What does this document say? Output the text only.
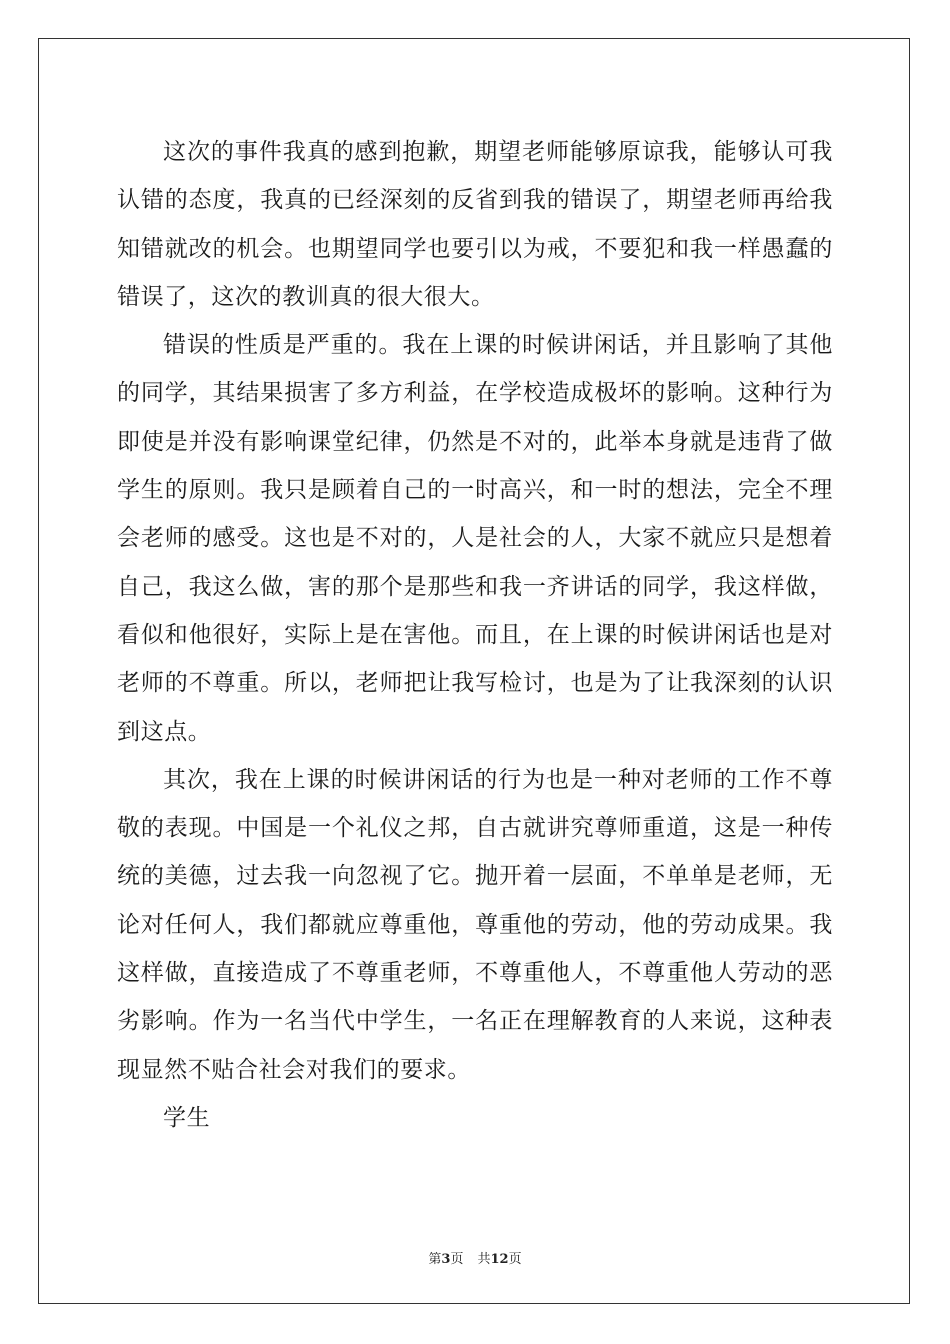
这次的事件我真的感到抱歉，期望老师能够原谅我，能够认可我认错的态度，我真的已经深刻的反省到我的错误了，期望老师再给我知错就改的机会。也期望同学也要引以为戒，不要犯和我一样愚蠢的错误了，这次的教训真的很大很大。

错误的性质是严重的。我在上课的时候讲闲话，并且影响了其他的同学，其结果损害了多方利益，在学校造成极坏的影响。这种行为即使是并没有影响课堂纪律，仍然是不对的，此举本身就是违背了做学生的原则。我只是顾着自己的一时高兴，和一时的想法，完全不理会老师的感受。这也是不对的，人是社会的人，大家不就应只是想着自己，我这么做，害的那个是那些和我一齐讲话的同学，我这样做，看似和他很好，实际上是在害他。而且，在上课的时候讲闲话也是对老师的不尊重。所以，老师把让我写检讨，也是为了让我深刻的认识到这点。

其次，我在上课的时候讲闲话的行为也是一种对老师的工作不尊敬的表现。中国是一个礼仪之邦，自古就讲究尊师重道，这是一种传统的美德，过去我一向忽视了它。抛开着一层面，不单单是老师，无论对任何人，我们都就应尊重他，尊重他的劳动，他的劳动成果。我这样做，直接造成了不尊重老师，不尊重他人，不尊重他人劳动的恶劣影响。作为一名当代中学生，一名正在理解教育的人来说，这种表现显然不贴合社会对我们的要求。

学生

第3页 共12页
